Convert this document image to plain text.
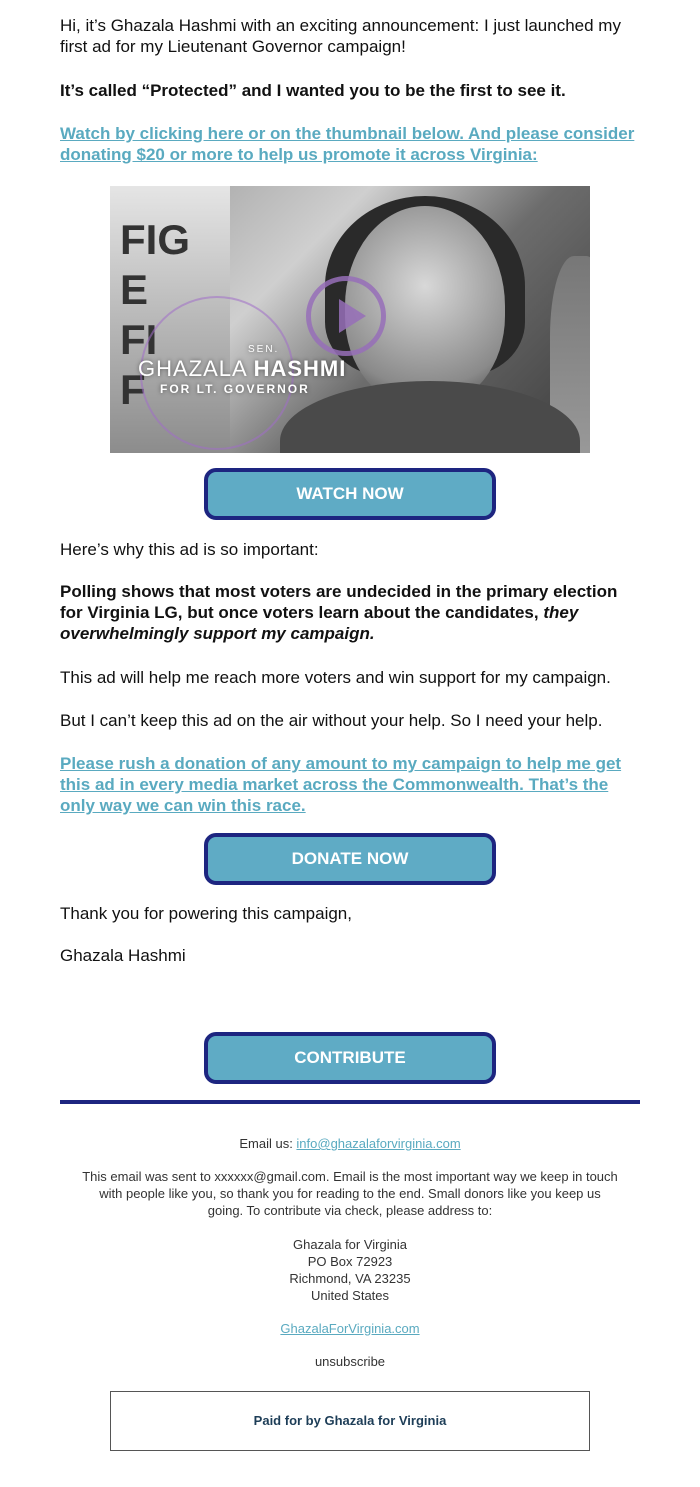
Hi, it’s Ghazala Hashmi with an exciting announcement: I just launched my first ad for my Lieutenant Governor campaign!

It’s called “Protected” and I wanted you to be the first to see it.

Watch by clicking here or on the thumbnail below. And please consider donating $20 or more to help us promote it across Virginia:

FIG
E
FI
F
SEN.
GHAZALA HASHMI
FOR LT. GOVERNOR
WATCH NOW

Here’s why this ad is so important:

Polling shows that most voters are undecided in the primary election for Virginia LG, but once voters learn about the candidates, they overwhelmingly support my campaign.

This ad will help me reach more voters and win support for my campaign.

But I can’t keep this ad on the air without your help. So I need your help.

Please rush a donation of any amount to my campaign to help me get this ad in every media market across the Commonwealth. That’s the only way we can win this race.

DONATE NOW

Thank you for powering this campaign,

Ghazala Hashmi

CONTRIBUTE
Email us: info@ghazalaforvirginia.com
This email was sent to xxxxxx@gmail.com. Email is the most important way we keep in touch with people like you, so thank you for reading to the end. Small donors like you keep us going. To contribute via check, please address to:
Ghazala for Virginia
PO Box 72923
Richmond, VA 23235
United States
GhazalaForVirginia.com
unsubscribe
Paid for by Ghazala for Virginia
